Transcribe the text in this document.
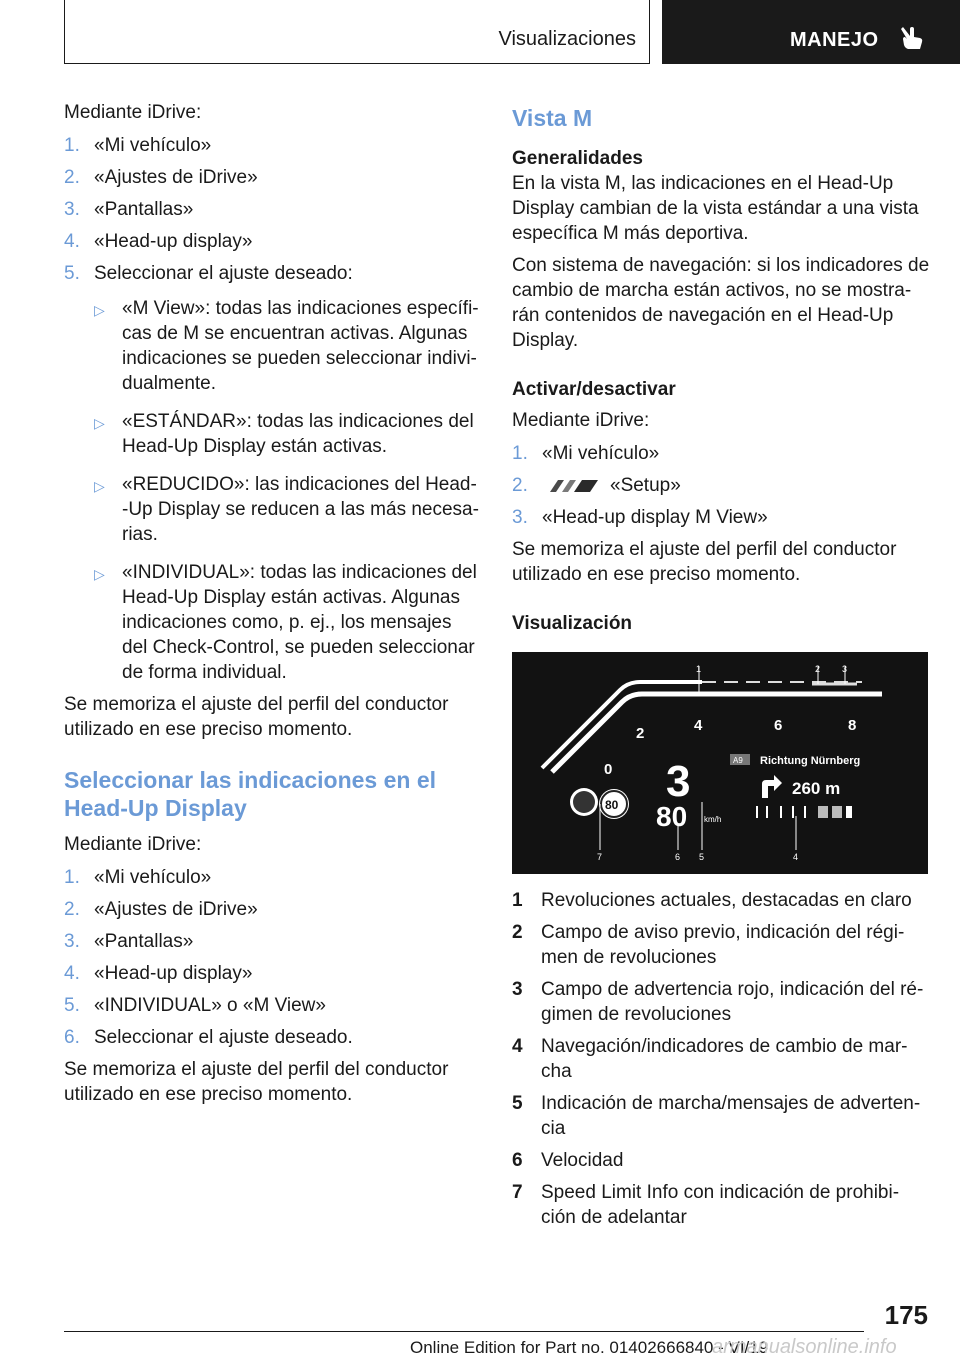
Visualizaciones	MANEJO

Mediante iDrive:

1. «Mi vehículo»
2. «Ajustes de iDrive»
3. «Pantallas»
4. «Head-up display»
5. Seleccionar el ajuste deseado:
▷ «M View»: todas las indicaciones específi‐ cas de M se encuentran activas. Algunas indicaciones se pueden seleccionar indivi‐ dualmente.
▷ «ESTÁNDAR»: todas las indicaciones del Head-Up Display están activas.
▷ «REDUCIDO»: las indicaciones del Head- -Up Display se reducen a las más necesa‐ rias.
▷ «INDIVIDUAL»: todas las indicaciones del Head-Up Display están activas. Algunas indicaciones como, p. ej., los mensajes del Check-Control, se pueden seleccionar de forma individual.

Se memoriza el ajuste del perfil del conductor utilizado en ese preciso momento.

Seleccionar las indicaciones en el Head-Up Display

Mediante iDrive:

1. «Mi vehículo»
2. «Ajustes de iDrive»
3. «Pantallas»
4. «Head-up display»
5. «INDIVIDUAL» o «M View»
6. Seleccionar el ajuste deseado.

Se memoriza el ajuste del perfil del conductor utilizado en ese preciso momento.

Vista M
Generalidades

En la vista M, las indicaciones en el Head-Up Display cambian de la vista estándar a una vista específica M más deportiva.

Con sistema de navegación: si los indicadores de cambio de marcha están activos, no se mostra‐ rán contenidos de navegación en el Head-Up Display.

Activar/desactivar

Mediante iDrive:

1. «Mi vehículo»
2.	«Setup»
3. «Head-up display M View»

Se memoriza el ajuste del perfil del conductor utilizado en ese preciso momento.

Visualización
1	2 3
0
2	4	6	8
3
80 km/h
A9 Richtung Nürnberg
260 m
80
7	6 5	4
1 Revoluciones actuales, destacadas en claro
2 Campo de aviso previo, indicación del régi‐ men de revoluciones
3 Campo de advertencia rojo, indicación del ré‐ gimen de revoluciones
4 Navegación/indicadores de cambio de mar‐ cha
5 Indicación de marcha/mensajes de adverten‐ cia
6 Velocidad
7 Speed Limit Info con indicación de prohibi‐ ción de adelantar
175
Online Edition for Part no. 01402666840 - VI/19
armanualsonline.info
